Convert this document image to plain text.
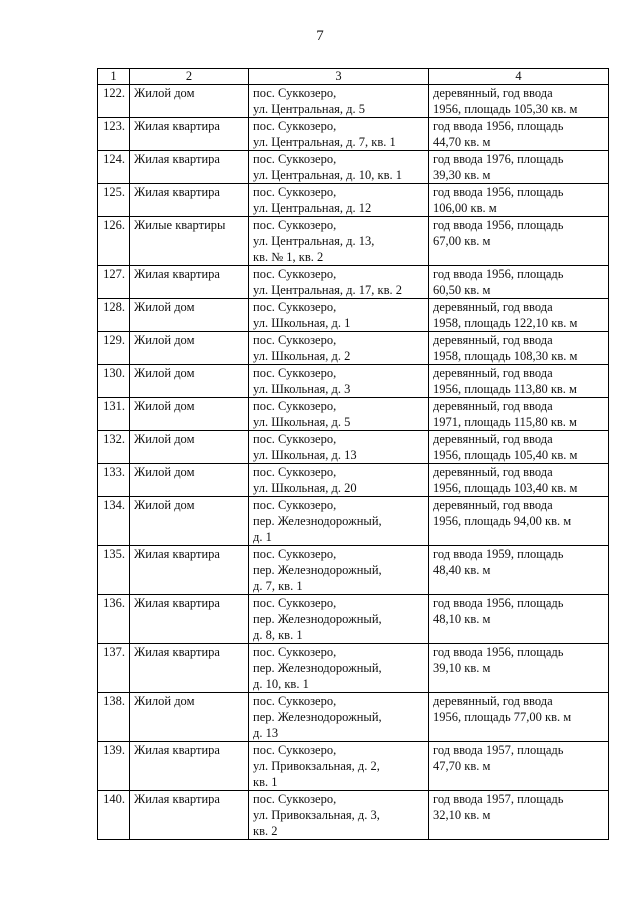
7
1	2	3	4
122.	Жилой дом	пос. Суккозеро,
ул. Центральная, д. 5	деревянный, год ввода
1956, площадь 105,30 кв. м
123.	Жилая квартира	пос. Суккозеро,
ул. Центральная, д. 7, кв. 1	год ввода 1956, площадь
44,70 кв. м
124.	Жилая квартира	пос. Суккозеро,
ул. Центральная, д. 10, кв. 1	год ввода 1976, площадь
39,30 кв. м
125.	Жилая квартира	пос. Суккозеро,
ул. Центральная, д. 12	год ввода 1956, площадь
106,00 кв. м
126.	Жилые квартиры	пос. Суккозеро,
ул. Центральная, д. 13,
кв. № 1, кв. 2	год ввода 1956, площадь
67,00 кв. м
127.	Жилая квартира	пос. Суккозеро,
ул. Центральная, д. 17, кв. 2	год ввода 1956, площадь
60,50 кв. м
128.	Жилой дом	пос. Суккозеро,
ул. Школьная, д. 1	деревянный, год ввода
1958, площадь 122,10 кв. м
129.	Жилой дом	пос. Суккозеро,
ул. Школьная, д. 2	деревянный, год ввода
1958, площадь 108,30 кв. м
130.	Жилой дом	пос. Суккозеро,
ул. Школьная, д. 3	деревянный, год ввода
1956, площадь 113,80 кв. м
131.	Жилой дом	пос. Суккозеро,
ул. Школьная, д. 5	деревянный, год ввода
1971, площадь 115,80 кв. м
132.	Жилой дом	пос. Суккозеро,
ул. Школьная, д. 13	деревянный, год ввода
1956, площадь 105,40 кв. м
133.	Жилой дом	пос. Суккозеро,
ул. Школьная, д. 20	деревянный, год ввода
1956, площадь 103,40 кв. м
134.	Жилой дом	пос. Суккозеро,
пер. Железнодорожный,
д. 1	деревянный, год ввода
1956, площадь 94,00 кв. м
135.	Жилая квартира	пос. Суккозеро,
пер. Железнодорожный,
д. 7, кв. 1	год ввода 1959, площадь
48,40 кв. м
136.	Жилая квартира	пос. Суккозеро,
пер. Железнодорожный,
д. 8, кв. 1	год ввода 1956, площадь
48,10 кв. м
137.	Жилая квартира	пос. Суккозеро,
пер. Железнодорожный,
д. 10, кв. 1	год ввода 1956, площадь
39,10 кв. м
138.	Жилой дом	пос. Суккозеро,
пер. Железнодорожный,
д. 13	деревянный, год ввода
1956, площадь 77,00 кв. м
139.	Жилая квартира	пос. Суккозеро,
ул. Привокзальная, д. 2,
кв. 1	год ввода 1957, площадь
47,70 кв. м
140.	Жилая квартира	пос. Суккозеро,
ул. Привокзальная, д. 3,
кв. 2	год ввода 1957, площадь
32,10 кв. м
